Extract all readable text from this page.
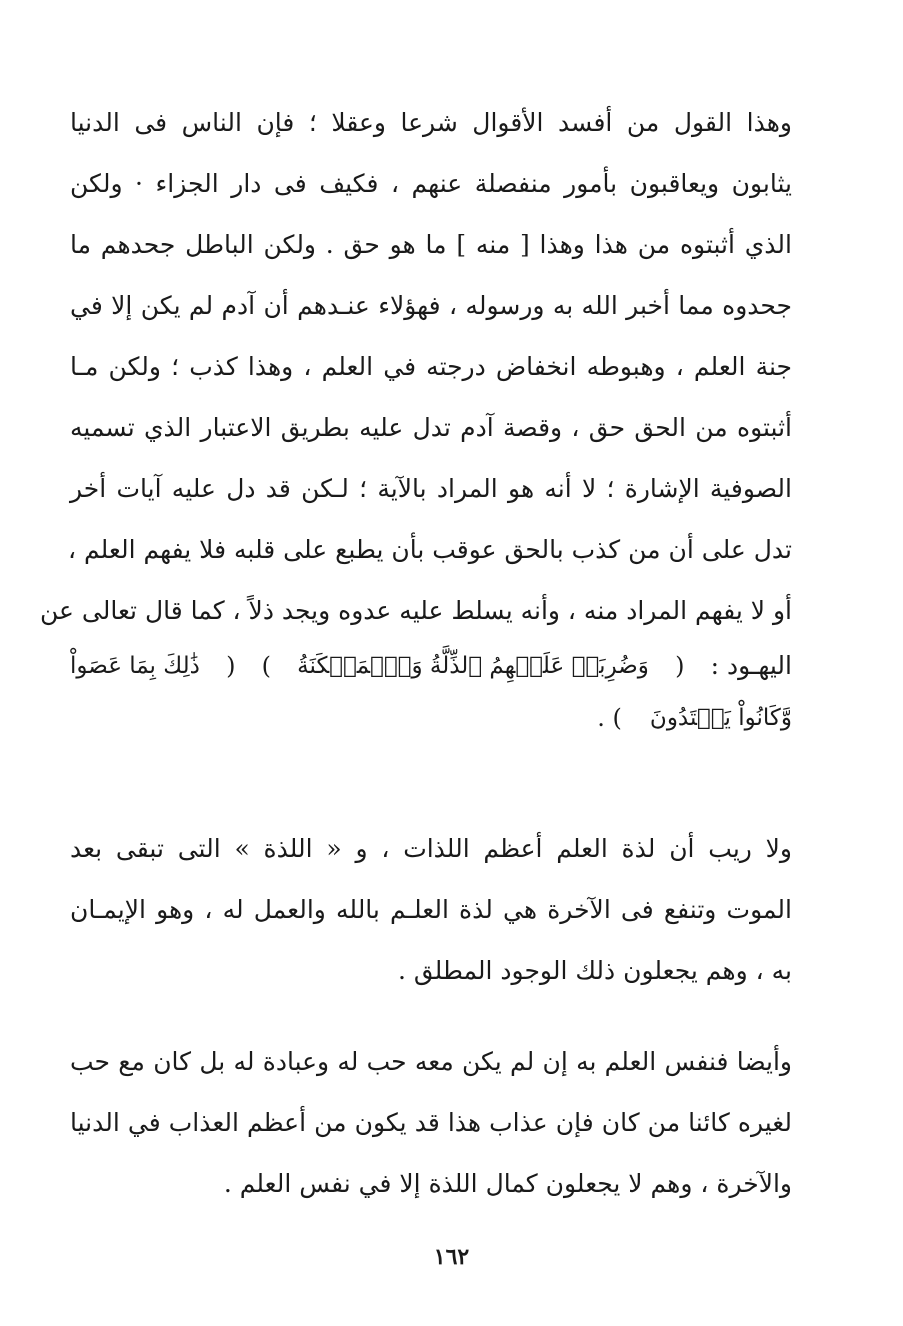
وهذا القول من أفسد الأقوال شرعا وعقلا ؛ فإن الناس فى الدنيا
يثابون ويعاقبون بأمور منفصلة عنهم ، فكيف فى دار الجزاء · ولكن
الذي أثبتوه من هذا وهذا [ منه ] ما هو حق . ولكن الباطل جحدهم ما
جحدوه مما أخبر الله به ورسوله ، فهؤلاء عنـدهم أن آدم لم يكن إلا في
جنة العلم ، وهبوطه انخفاض درجته في العلم ، وهذا كذب ؛ ولكن مـا
أثبتوه من الحق حق ، وقصة آدم تدل عليه بطريق الاعتبار الذي تسميه
الصوفية الإشارة ؛ لا أنه هو المراد بالآية ؛ لـكن قد دل عليه آيات أخر
تدل على أن من كذب بالحق عوقب بأن يطبع على قلبه فلا يفهم العلم ،
أو لا يفهم المراد منه ، وأنه يسلط عليه عدوه ويجد ذلاً ، كما قال تعالى عن
اليهـود :
(
وَضُرِبَتۡ عَلَيۡهِمُ ٱلذِّلَّةُ وَٱلۡمَسۡكَنَةُ
)
(
ذَٰلِكَ بِمَا عَصَواْ
وَّكَانُواْ يَعۡتَدُونَ
) .
ولا ريب أن لذة العلم أعظم اللذات ، و « اللذة » التى تبقى بعد
الموت وتنفع فى الآخرة هي لذة العلـم بالله والعمل له ، وهو الإيمـان
به ، وهم يجعلون ذلك الوجود المطلق .
وأيضا فنفس العلم به إن لم يكن معه حب له وعبادة له بل كان مع حب
لغيره كائنا من كان فإن عذاب هذا قد يكون من أعظم العذاب في الدنيا
والآخرة ، وهم لا يجعلون كمال اللذة إلا في نفس العلم .
١٦٢
